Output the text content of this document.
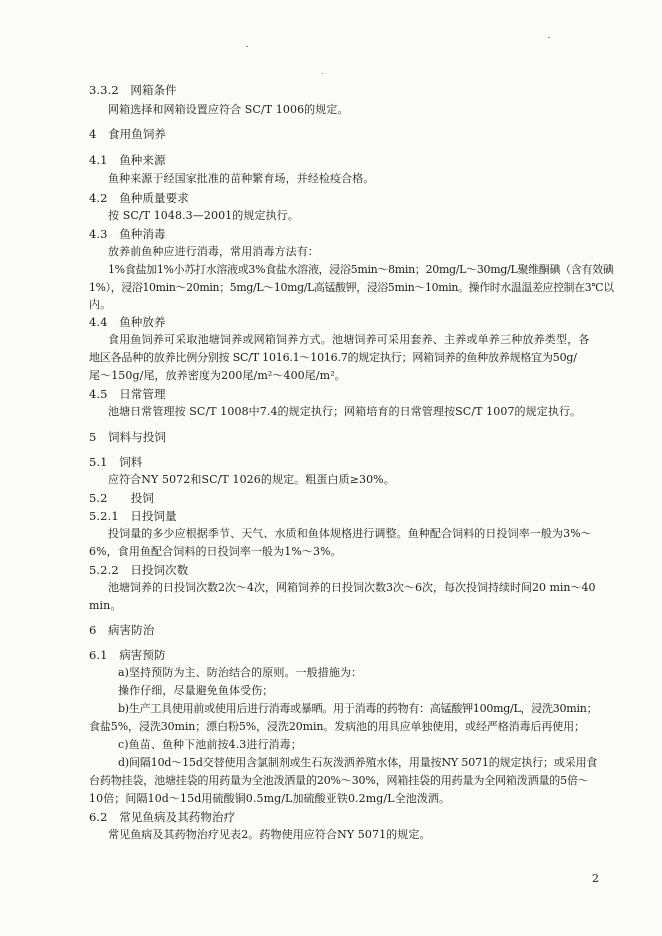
3.3.2　网箱条件
网箱选择和网箱设置应符合 SC/T 1006的规定。
4　食用鱼饲养
4.1　鱼种来源
鱼种来源于经国家批准的苗种繁育场，并经检疫合格。
4.2　鱼种质量要求
按 SC/T 1048.3—2001的规定执行。
4.3　鱼种消毒
放养前鱼种应进行消毒，常用消毒方法有：
1%食盐加1%小苏打水溶液或3%食盐水溶液，浸浴5min～8min；20mg/L～30mg/L聚维酮碘（含有效碘
1%），浸浴10min～20min；5mg/L～10mg/L高锰酸钾，浸浴5min～10min。操作时水温温差应控制在3℃以
内。
4.4　鱼种放养
食用鱼饲养可采取池塘饲养或网箱饲养方式。池塘饲养可采用套养、主养或单养三种放养类型，各
地区各品种的放养比例分别按 SC/T 1016.1～1016.7的规定执行；网箱饲养的鱼种放养规格宜为50g/
尾～150g/尾，放养密度为200尾/m²～400尾/m²。
4.5　日常管理
池塘日常管理按 SC/T 1008中7.4的规定执行；网箱培育的日常管理按SC/T 1007的规定执行。
5　饲料与投饲
5.1　饲料
应符合NY 5072和SC/T 1026的规定。粗蛋白质≥30%。
5.2　　投饲
5.2.1　日投饲量
投饲量的多少应根据季节、天气、水质和鱼体规格进行调整。鱼种配合饲料的日投饲率一般为3%～
6%，食用鱼配合饲料的日投饲率一般为1%～3%。
5.2.2　日投饲次数
池塘饲养的日投饲次数2次～4次，网箱饲养的日投饲次数3次～6次，每次投饲持续时间20 min～40
min。
6　病害防治
6.1　病害预防
a)坚持预防为主、防治结合的原则。一般措施为：
操作仔细，尽量避免鱼体受伤；
b)生产工具使用前或使用后进行消毒或暴晒。用于消毒的药物有：高锰酸钾100mg/L，浸洗30min；
食盐5%，浸洗30min；漂白粉5%，浸洗20min。发病池的用具应单独使用，或经严格消毒后再使用；
c)鱼苗、鱼种下池前按4.3进行消毒；
d)间隔10d～15d交替使用含氯制剂或生石灰泼洒养殖水体，用量按NY 5071的规定执行；或采用食
台药物挂袋，池塘挂袋的用药量为全池泼洒量的20%～30%，网箱挂袋的用药量为全网箱泼洒量的5倍～
10倍；间隔10d～15d用硫酸铜0.5mg/L加硫酸亚铁0.2mg/L全池泼洒。
6.2　常见鱼病及其药物治疗
常见鱼病及其药物治疗见表2。药物使用应符合NY 5071的规定。
2
